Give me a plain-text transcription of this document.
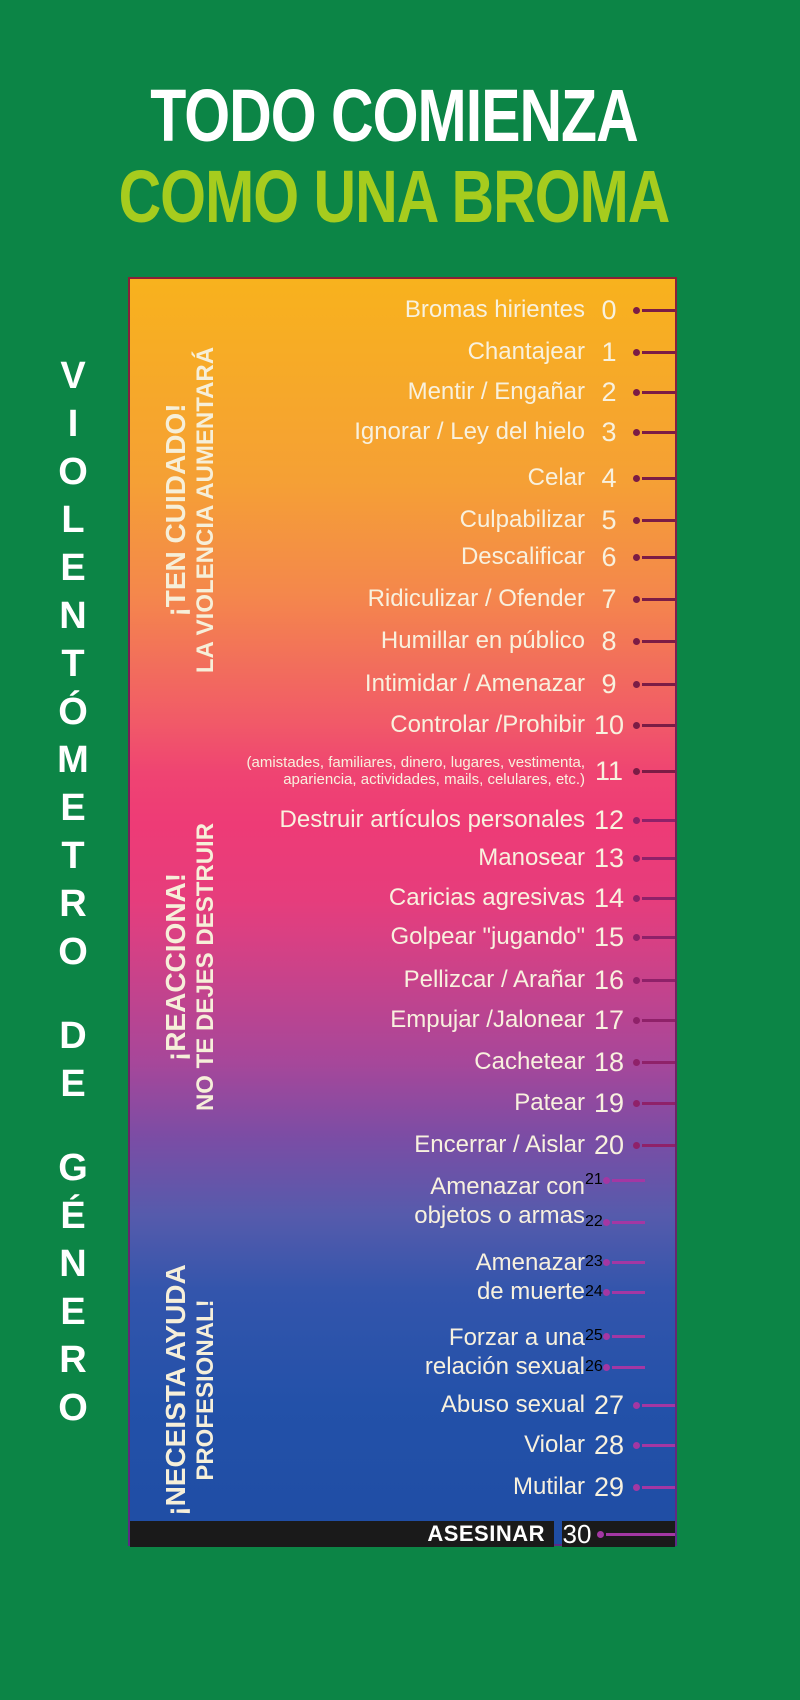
TODO COMIENZA
COMO UNA BROMA
V
I
O
L
E
N
T
Ó
M
E
T
R
O
D
E
G
É
N
E
R
O
¡TEN CUIDADO! LA VIOLENCIA AUMENTARÁ
¡REACCIONA! NO TE DEJES DESTRUIR
¡NECEISTA AYUDA PROFESIONAL!
Bromas hirientes 0
Chantajear 1
Mentir / Engañar 2
Ignorar / Ley del hielo 3
Celar 4
Culpabilizar 5
Descalificar 6
Ridiculizar / Ofender 7
Humillar en público 8
Intimidar / Amenazar 9
Controlar /Prohibir 10
(amistades, familiares, dinero, lugares, vestimenta,
apariencia, actividades, mails, celulares, etc.) 11
Destruir artículos personales 12
Manosear 13
Caricias agresivas 14
Golpear "jugando" 15
Pellizcar / Arañar 16
Empujar /Jalonear 17
Cachetear 18
Patear 19
Encerrar / Aislar 20
Amenazar con
objetos o armas
21
22
Amenazar
de muerte
23
24
Forzar a una
relación sexual
25
26
Abuso sexual 27
Violar 28
Mutilar 29
ASESINAR 30
